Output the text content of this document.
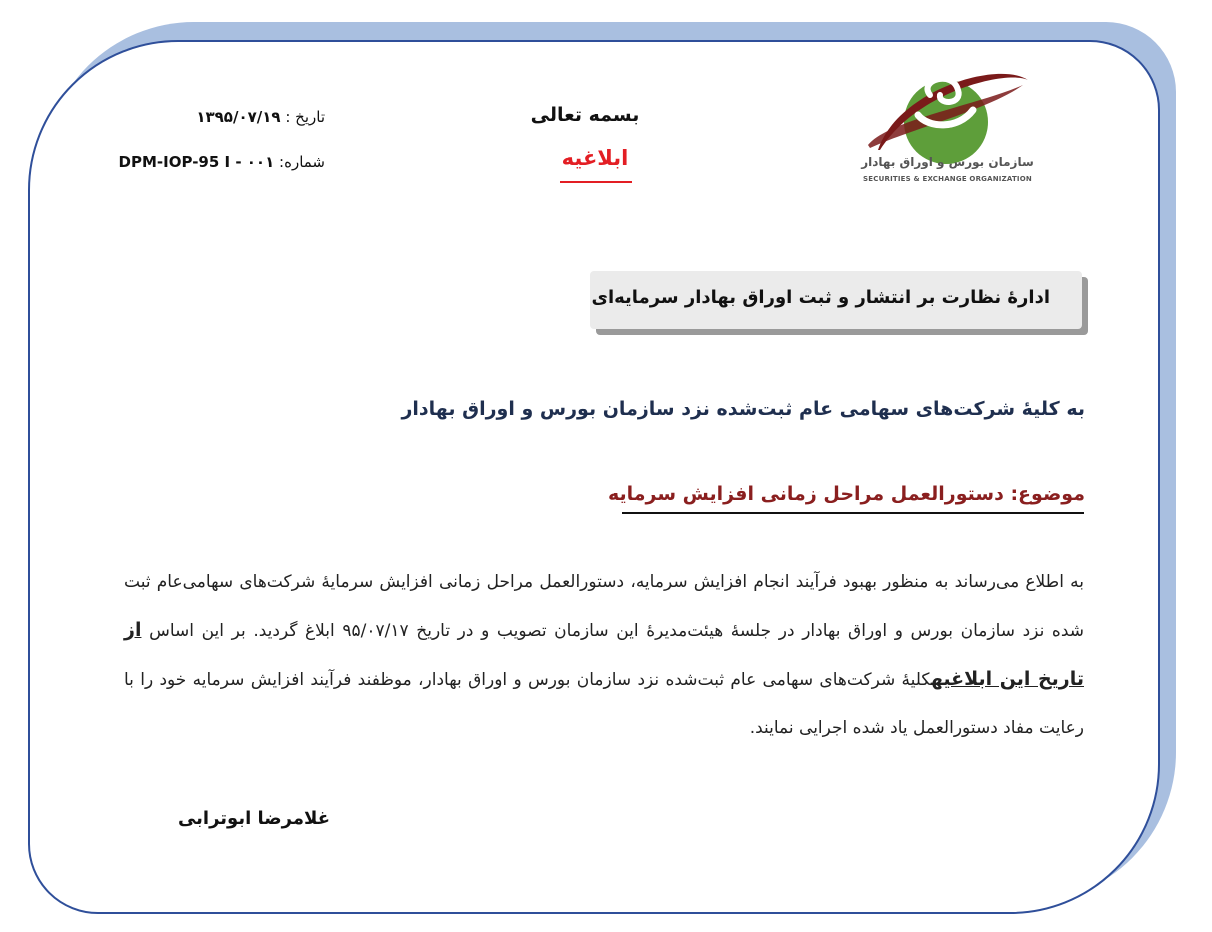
سازمان بورس و اوراق بهادار
SECURITIES & EXCHANGE ORGANIZATION
بسمه تعالی
ابلاغیه
تاریخ : ۱۳۹۵/۰۷/۱۹
شماره: DPM-IOP-95 I - ۰۰۱
ادارۀ نظارت بر انتشار و ثبت اوراق بهادار سرمایه‌ای
به کلیۀ شرکت‌های سهامی عام ثبت‌شده نزد سازمان بورس و اوراق بهادار
موضوع: دستورالعمل مراحل زمانی افزایش سرمایه
به اطلاع می‌رساند به منظور بهبود فرآیند انجام افزایش سرمایه، دستورالعمل مراحل زمانی افزایش سرمایۀ شرکت‌های سهامی‌عام ثبت شده نزد سازمان بورس و اوراق بهادار در جلسۀ هیئت‌مدیرۀ این سازمان تصویب و در تاریخ ۹۵/۰۷/۱۷ ابلاغ گردید. بر این اساس از تاریخ این ابلاغیهکلیۀ شرکت‌های سهامی عام ثبت‌شده نزد سازمان بورس و اوراق بهادار، موظفند فرآیند افزایش سرمایه خود را با رعایت مفاد دستورالعمل یاد شده اجرایی نمایند.
غلامرضا ابوترابی
